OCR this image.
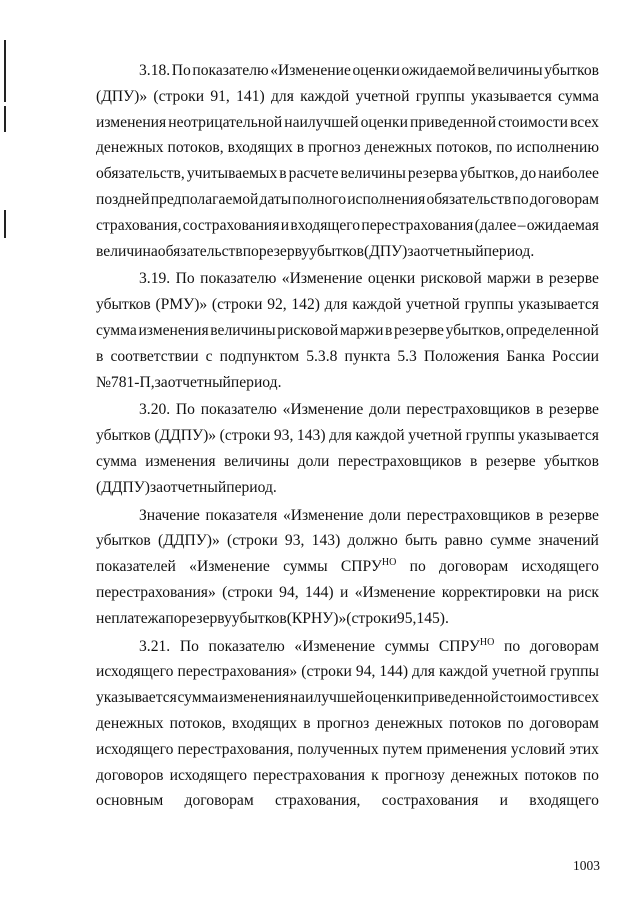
3.18. По показателю «Изменение оценки ожидаемой величины убытков
(ДПУ)» (строки 91, 141) для каждой учетной группы указывается сумма
изменения неотрицательной наилучшей оценки приведенной стоимости всех
денежных потоков, входящих в прогноз денежных потоков, по исполнению
обязательств, учитываемых в расчете величины резерва убытков, до наиболее
поздней предполагаемой даты полного исполнения обязательств по договорам
страхования, сострахования и входящего перестрахования (далее – ожидаемая
величина обязательств по резерву убытков (ДПУ) за отчетный период.
3.19. По показателю «Изменение оценки рисковой маржи в резерве
убытков (РМУ)» (строки 92, 142) для каждой учетной группы указывается
сумма изменения величины рисковой маржи в резерве убытков, определенной
в соответствии с подпунктом 5.3.8 пункта 5.3 Положения Банка России
№ 781-П, за отчетный период.
3.20. По показателю «Изменение доли перестраховщиков в резерве
убытков (ДДПУ)» (строки 93, 143) для каждой учетной группы указывается
сумма изменения величины доли перестраховщиков в резерве убытков
(ДДПУ) за отчетный период.
Значение показателя «Изменение доли перестраховщиков в резерве
убытков (ДДПУ)» (строки 93, 143) должно быть равно сумме значений
показателей «Изменение суммы $СПРУ^{НО}$ по договорам исходящего
перестрахования» (строки 94, 144) и «Изменение корректировки на риск
неплатежа по резерву убытков (КРНУ)» (строки 95, 145).
3.21. По показателю «Изменение суммы $СПРУ^{НО}$ по договорам
исходящего перестрахования» (строки 94, 144) для каждой учетной группы
указывается сумма изменения наилучшей оценки приведенной стоимости всех
денежных потоков, входящих в прогноз денежных потоков по договорам
исходящего перестрахования, полученных путем применения условий этих
договоров исходящего перестрахования к прогнозу денежных потоков по
основным договорам страхования, сострахования и входящего
1003
